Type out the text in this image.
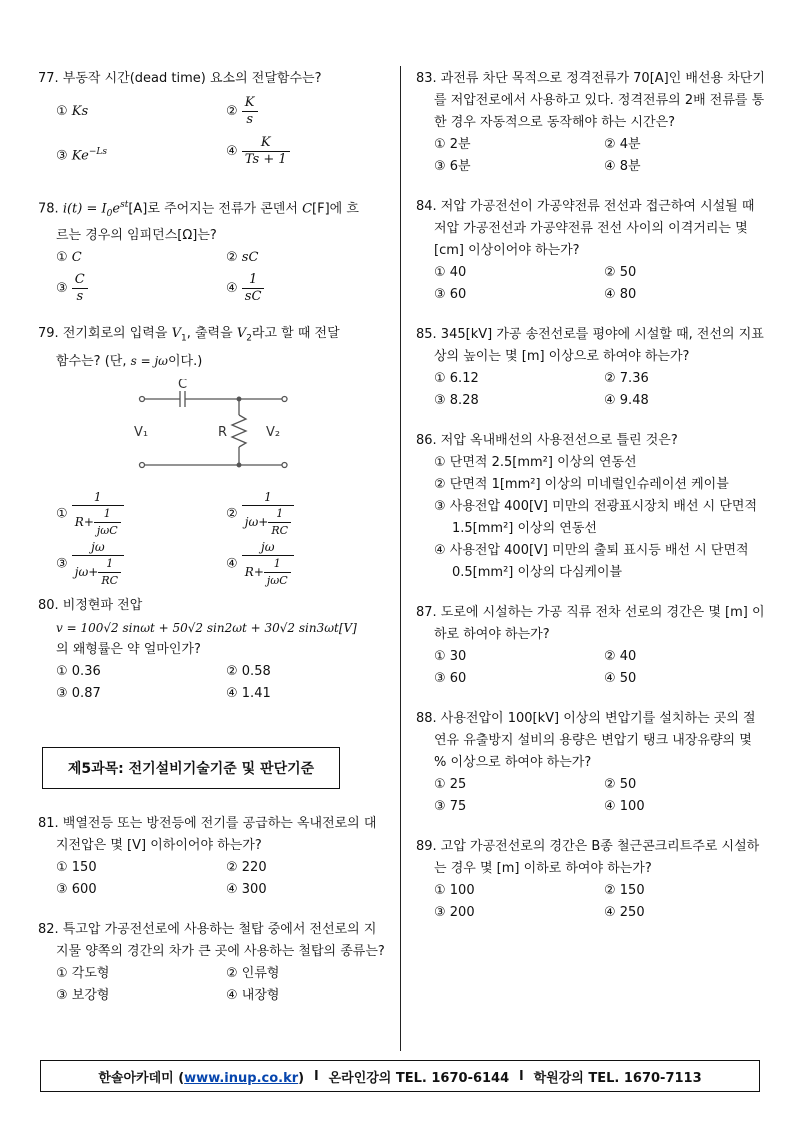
77. 부동작 시간(dead time) 요소의 전달함수는?
① Ks	② $\frac{K}{s}$
③ $Ke^{-Ls}$	④ $\frac{K}{Ts + 1}$
78. $i(t) = I_0e^{st}[A]$로 주어지는 전류가 콘덴서 C[F]에 흐
르는 경우의 임피던스[Ω]는?
① C	② sC
③ $\frac{C}{s}$	④ $\frac{1}{sC}$
79. 전기회로의 입력을 $V_1$, 출력을 $V_2$라고 할 때 전달
함수는? (단, s = jω이다.)
C
R
V₁	V₂
① $\frac{1}{R+ \frac{1}{\text{jωC}}}$	② $\frac{1}{j\omega+ \frac{1}{RC}}$
③ $\frac{j\omega}{j\omega+ \frac{1}{RC}}$	④ $\frac{j\omega}{R+ \frac{1}{\text{jωC}}}$
80. 비정현파 전압
v = 100√2 sinωt + 50√2 sin2ωt + 30√2 sin3ωt[V]
의 왜형률은 약 얼마인가?
① 0.36	② 0.58
③ 0.87	④ 1.41
제5과목: 전기설비기술기준 및 판단기준
81. 백열전등 또는 방전등에 전기를 공급하는 옥내전로의 대지전압은 몇 [V] 이하이어야 하는가?
① 150	② 220
③ 600	④ 300
82. 특고압 가공전선로에 사용하는 철탑 중에서 전선로의 지지물 양쪽의 경간의 차가 큰 곳에 사용하는 철탑의 종류는?
① 각도형	② 인류형
③ 보강형	④ 내장형
83. 과전류 차단 목적으로 정격전류가 70[A]인 배선용 차단기를 저압전로에서 사용하고 있다. 정격전류의 2배 전류를 통한 경우 자동적으로 동작해야 하는 시간은?
① 2분	② 4분
③ 6분	④ 8분
84. 저압 가공전선이 가공약전류 전선과 접근하여 시설될 때 저압 가공전선과 가공약전류 전선 사이의 이격거리는 몇 [cm] 이상이어야 하는가?
① 40	② 50
③ 60	④ 80
85. 345[kV] 가공 송전선로를 평야에 시설할 때, 전선의 지표상의 높이는 몇 [m] 이상으로 하여야 하는가?
① 6.12	② 7.36
③ 8.28	④ 9.48
86. 저압 옥내배선의 사용전선으로 틀린 것은?
① 단면적 2.5[mm²] 이상의 연동선
② 단면적 1[mm²] 이상의 미네럴인슈레이션 케이블
③ 사용전압 400[V] 미만의 전광표시장치 배선 시 단면적 1.5[mm²] 이상의 연동선
④ 사용전압 400[V] 미만의 출퇴 표시등 배선 시 단면적 0.5[mm²] 이상의 다심케이블
87. 도로에 시설하는 가공 직류 전차 선로의 경간은 몇 [m] 이하로 하여야 하는가?
① 30	② 40
③ 60	④ 50
88. 사용전압이 100[kV] 이상의 변압기를 설치하는 곳의 절연유 유출방지 설비의 용량은 변압기 탱크 내장유량의 몇 % 이상으로 하여야 하는가?
① 25	② 50
③ 75	④ 100
89. 고압 가공전선로의 경간은 B종 철근콘크리트주로 시설하는 경우 몇 [m] 이하로 하여야 하는가?
① 100	② 150
③ 200	④ 250
한솔아카데미 (www.inup.co.kr) l 온라인강의 TEL. 1670-6144 l 학원강의 TEL. 1670-7113
